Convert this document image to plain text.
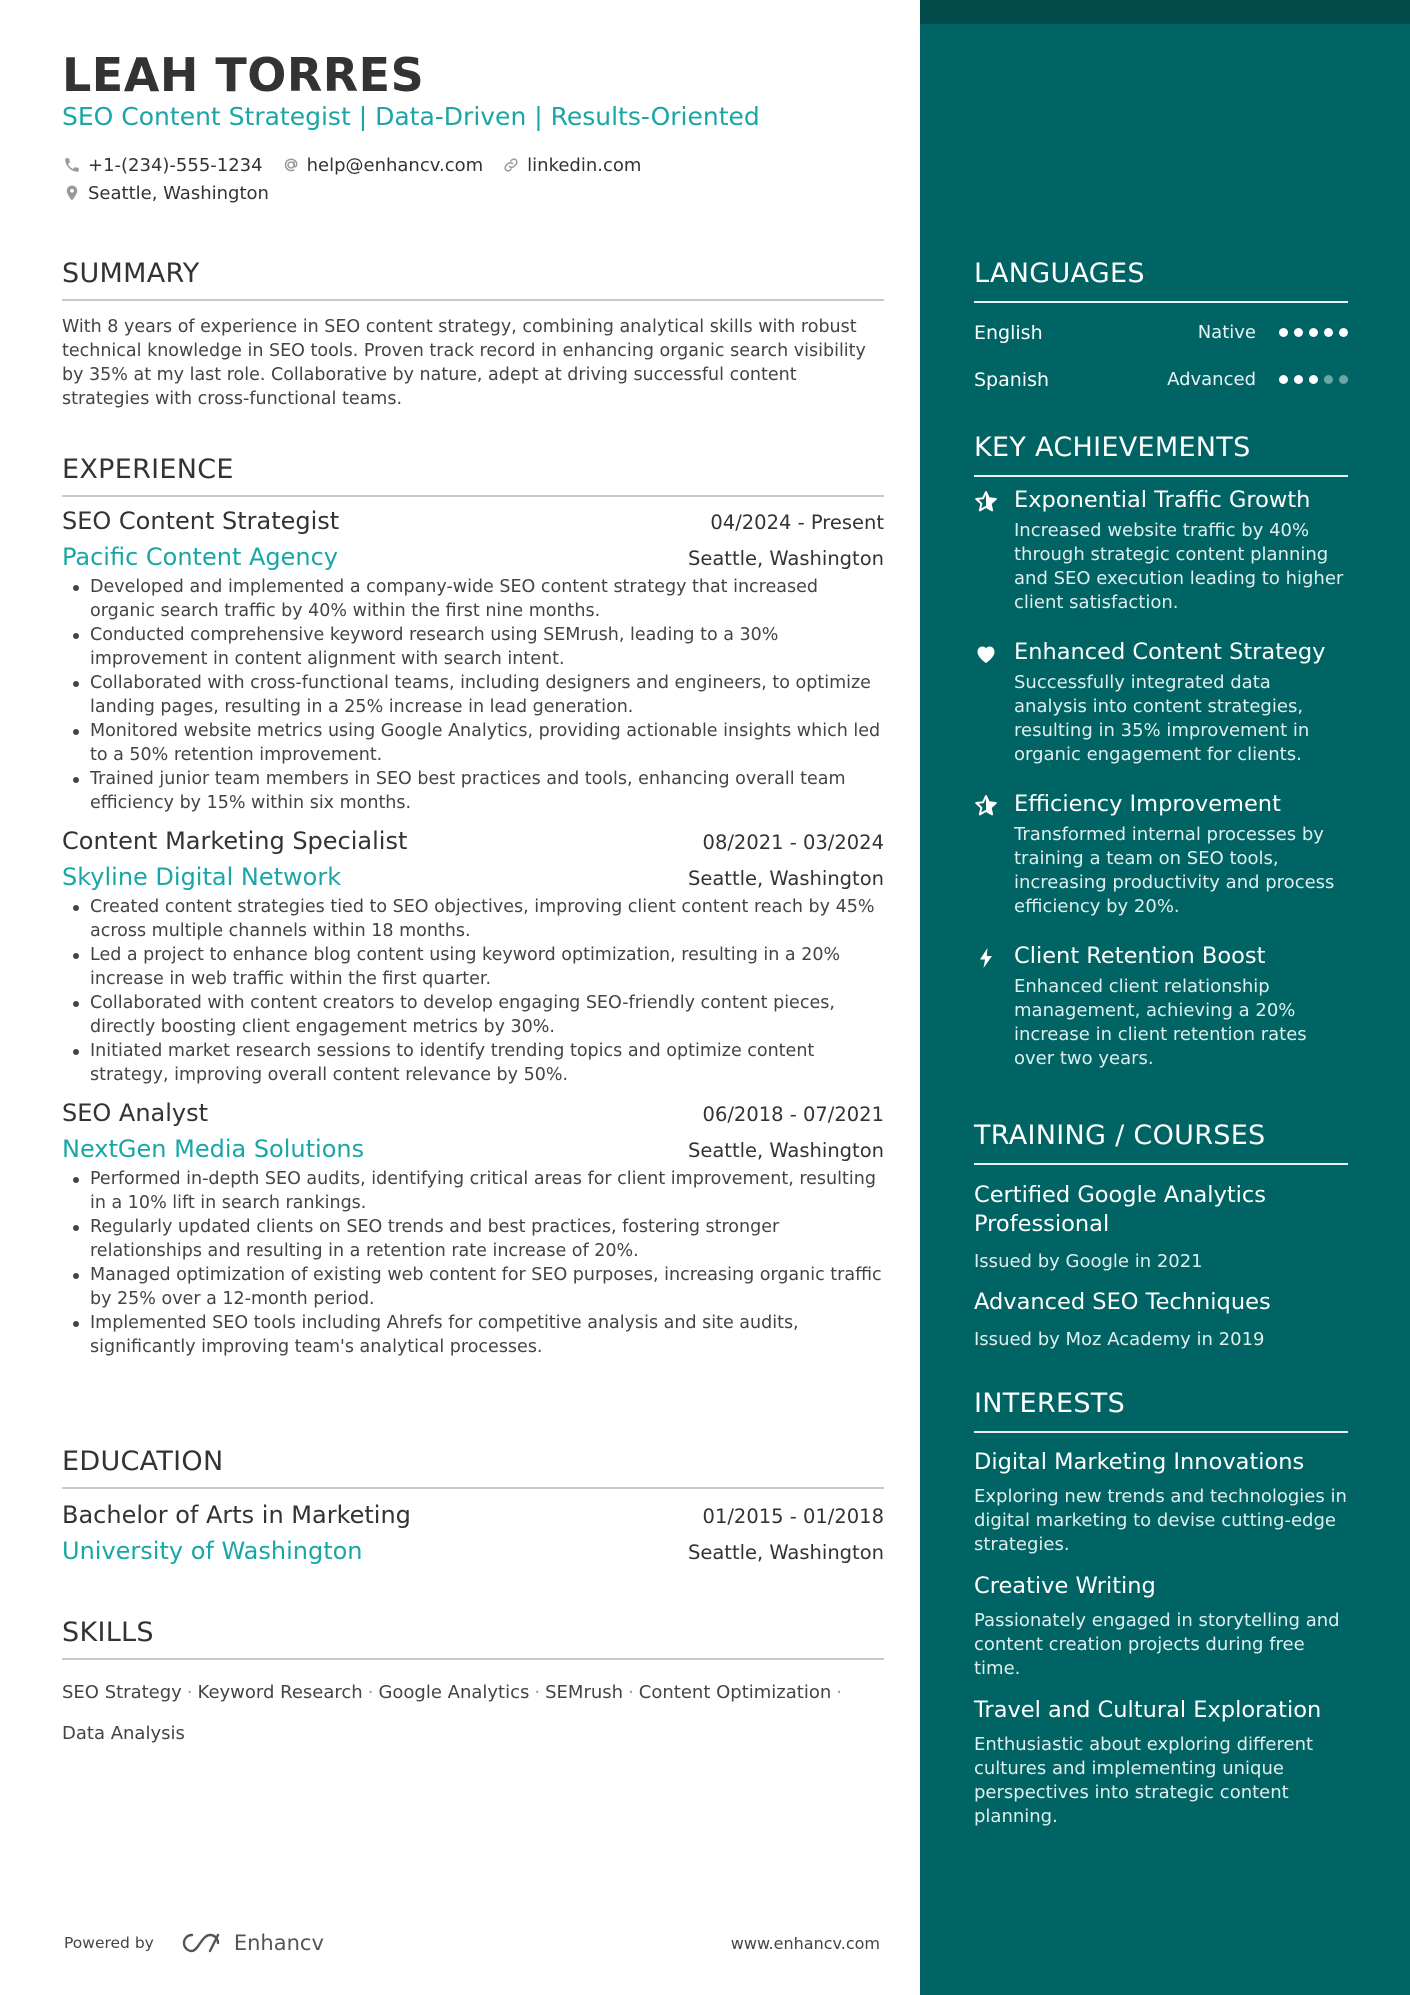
LEAH TORRES
SEO Content Strategist | Data-Driven | Results-Oriented
+1-(234)-555-1234 help@enhancv.com linkedin.com
Seattle, Washington
SUMMARY
With 8 years of experience in SEO content strategy, combining analytical skills with robust technical knowledge in SEO tools. Proven track record in enhancing organic search visibility by 35% at my last role. Collaborative by nature, adept at driving successful content strategies with cross-functional teams.
EXPERIENCE
SEO Content Strategist	04/2024 - Present
Pacific Content Agency	Seattle, Washington
Developed and implemented a company-wide SEO content strategy that increased organic search traffic by 40% within the first nine months.
Conducted comprehensive keyword research using SEMrush, leading to a 30% improvement in content alignment with search intent.
Collaborated with cross-functional teams, including designers and engineers, to optimize landing pages, resulting in a 25% increase in lead generation.
Monitored website metrics using Google Analytics, providing actionable insights which led to a 50% retention improvement.
Trained junior team members in SEO best practices and tools, enhancing overall team efficiency by 15% within six months.
Content Marketing Specialist	08/2021 - 03/2024
Skyline Digital Network	Seattle, Washington
Created content strategies tied to SEO objectives, improving client content reach by 45% across multiple channels within 18 months.
Led a project to enhance blog content using keyword optimization, resulting in a 20% increase in web traffic within the first quarter.
Collaborated with content creators to develop engaging SEO-friendly content pieces, directly boosting client engagement metrics by 30%.
Initiated market research sessions to identify trending topics and optimize content strategy, improving overall content relevance by 50%.
SEO Analyst	06/2018 - 07/2021
NextGen Media Solutions	Seattle, Washington
Performed in-depth SEO audits, identifying critical areas for client improvement, resulting in a 10% lift in search rankings.
Regularly updated clients on SEO trends and best practices, fostering stronger relationships and resulting in a retention rate increase of 20%.
Managed optimization of existing web content for SEO purposes, increasing organic traffic by 25% over a 12-month period.
Implemented SEO tools including Ahrefs for competitive analysis and site audits, significantly improving team's analytical processes.
EDUCATION
Bachelor of Arts in Marketing	01/2015 - 01/2018
University of Washington	Seattle, Washington
SKILLS
SEO Strategy · Keyword Research · Google Analytics · SEMrush · Content Optimization ·
Data Analysis
Powered by	Enhancv	www.enhancv.com
LANGUAGES
English	Native
Spanish	Advanced
KEY ACHIEVEMENTS
Exponential Traffic Growth
Increased website traffic by 40% through strategic content planning and SEO execution leading to higher client satisfaction.
Enhanced Content Strategy
Successfully integrated data analysis into content strategies, resulting in 35% improvement in organic engagement for clients.
Efficiency Improvement
Transformed internal processes by training a team on SEO tools, increasing productivity and process efficiency by 20%.
Client Retention Boost
Enhanced client relationship management, achieving a 20% increase in client retention rates over two years.
TRAINING / COURSES
Certified Google Analytics Professional
Issued by Google in 2021
Advanced SEO Techniques
Issued by Moz Academy in 2019
INTERESTS
Digital Marketing Innovations
Exploring new trends and technologies in digital marketing to devise cutting-edge strategies.
Creative Writing
Passionately engaged in storytelling and content creation projects during free time.
Travel and Cultural Exploration
Enthusiastic about exploring different cultures and implementing unique perspectives into strategic content planning.
